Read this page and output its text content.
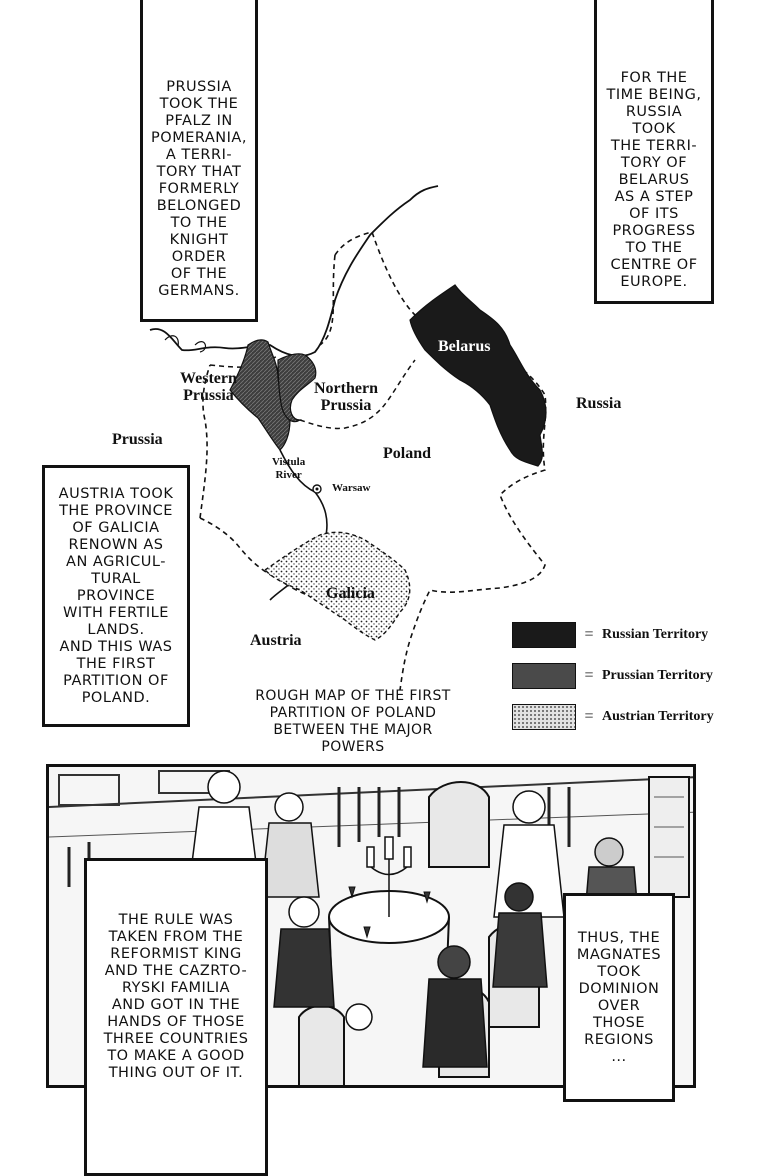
PRUSSIA
TOOK THE
PFALZ IN
POMERANIA,
A TERRI-
TORY THAT
FORMERLY
BELONGED
TO THE
KNIGHT
ORDER
OF THE
GERMANS.
FOR THE
TIME BEING,
RUSSIA
TOOK
THE TERRI-
TORY OF
BELARUS
AS A STEP
OF ITS
PROGRESS
TO THE
CENTRE OF
EUROPE.
Western
Prussia	Northern
Prussia
Belarus
Russia
Prussia
Poland
Vistula
River
Warsaw
Galicia
Austria
AUSTRIA TOOK
THE PROVINCE
OF GALICIA
RENOWN AS
AN AGRICUL-
TURAL
PROVINCE
WITH FERTILE
LANDS.
AND THIS WAS
THE FIRST
PARTITION OF
POLAND.
= Russian Territory
= Prussian Territory
= Austrian Territory
ROUGH MAP OF THE FIRST
PARTITION OF POLAND
BETWEEN THE MAJOR
POWERS
THE RULE WAS
TAKEN FROM THE
REFORMIST KING
AND THE CAZRTO-
RYSKI FAMILIA
AND GOT IN THE
HANDS OF THOSE
THREE COUNTRIES
TO MAKE A GOOD
THING OUT OF IT.
THUS, THE
MAGNATES
TOOK
DOMINION
OVER
THOSE
REGIONS
...
